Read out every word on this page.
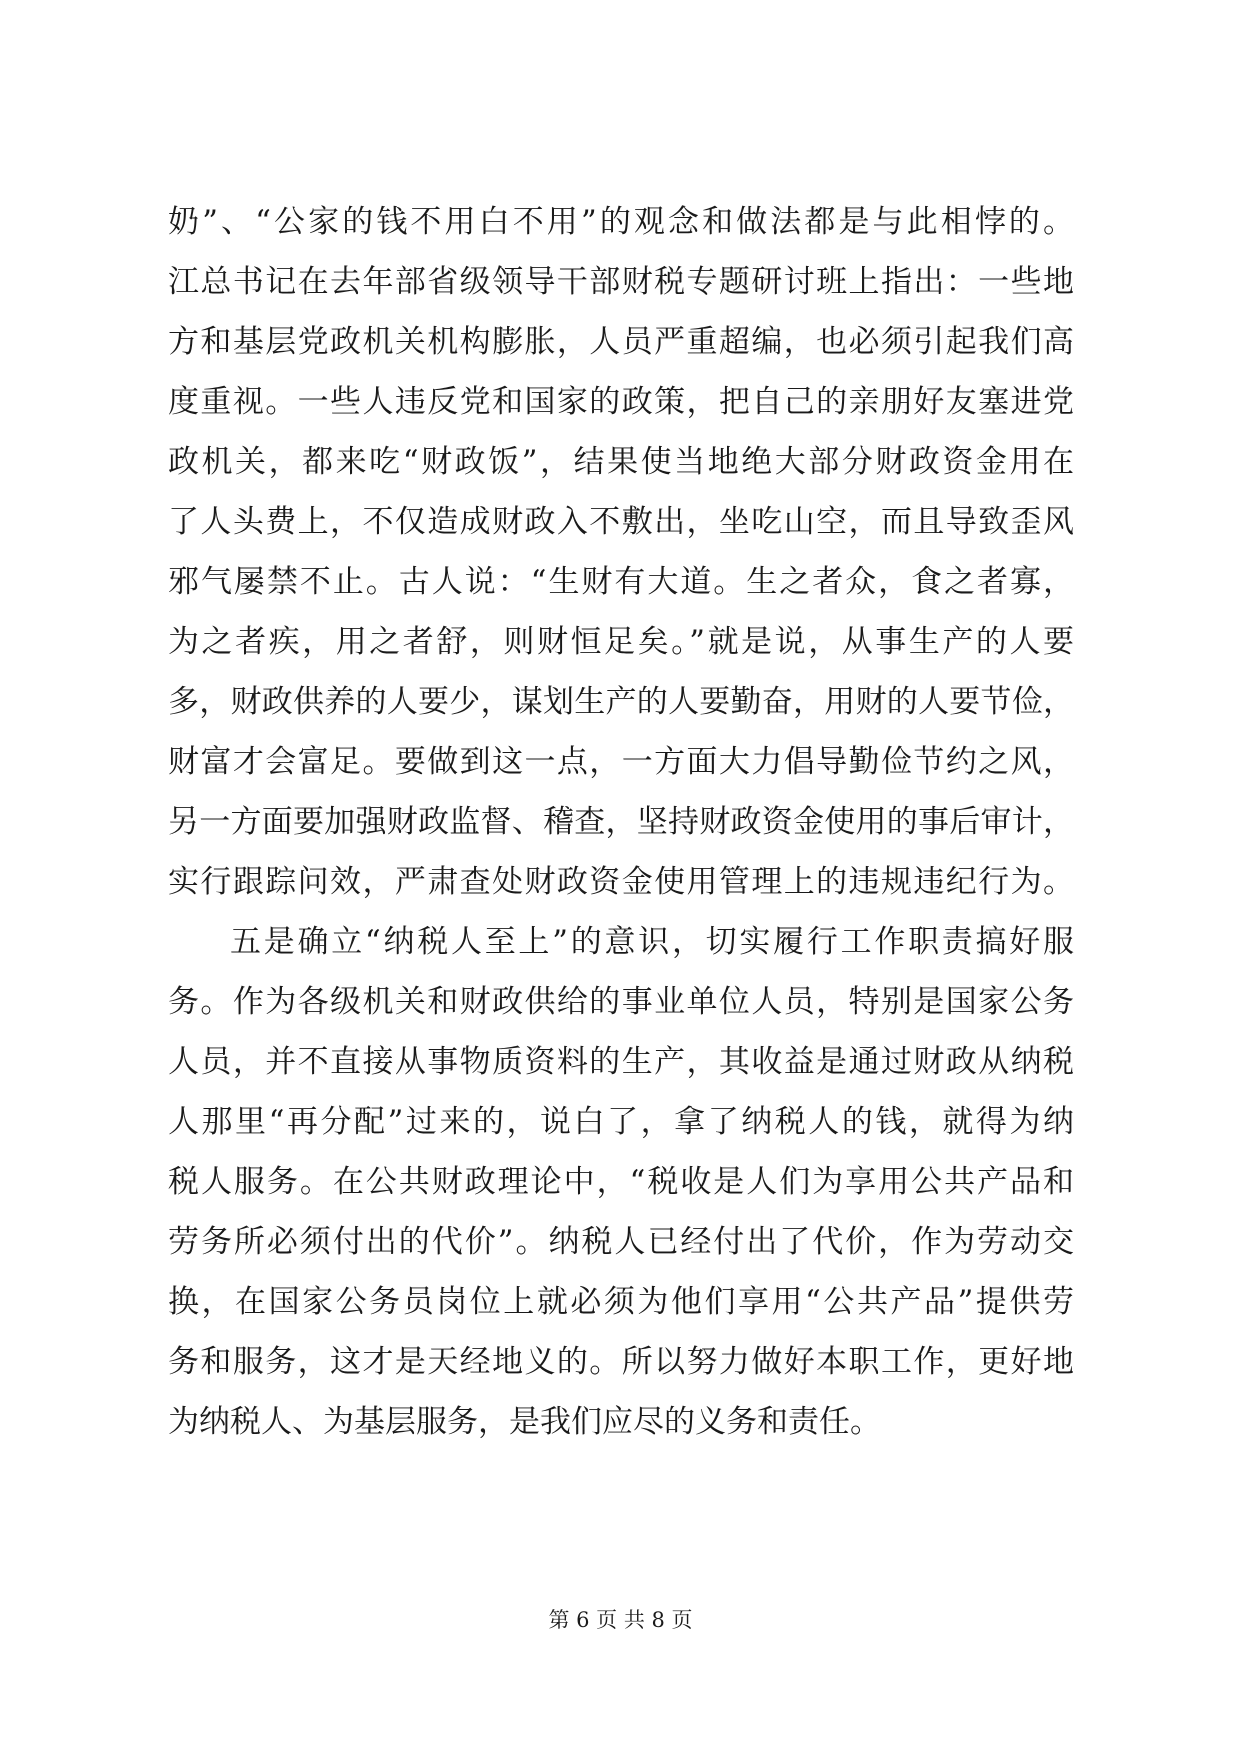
奶”、“公家的钱不用白不用”的观念和做法都是与此相悖的。
江总书记在去年部省级领导干部财税专题研讨班上指出：一些地
方和基层党政机关机构膨胀，人员严重超编，也必须引起我们高
度重视。一些人违反党和国家的政策，把自己的亲朋好友塞进党
政机关，都来吃“财政饭”，结果使当地绝大部分财政资金用在
了人头费上，不仅造成财政入不敷出，坐吃山空，而且导致歪风
邪气屡禁不止。古人说：“生财有大道。生之者众，食之者寡，
为之者疾，用之者舒，则财恒足矣。”就是说，从事生产的人要
多，财政供养的人要少，谋划生产的人要勤奋，用财的人要节俭，
财富才会富足。要做到这一点，一方面大力倡导勤俭节约之风，
另一方面要加强财政监督、稽查，坚持财政资金使用的事后审计，
实行跟踪问效，严肃查处财政资金使用管理上的违规违纪行为。
五是确立“纳税人至上”的意识，切实履行工作职责搞好服
务。作为各级机关和财政供给的事业单位人员，特别是国家公务
人员，并不直接从事物质资料的生产，其收益是通过财政从纳税
人那里“再分配”过来的，说白了，拿了纳税人的钱，就得为纳
税人服务。在公共财政理论中，“税收是人们为享用公共产品和
劳务所必须付出的代价”。纳税人已经付出了代价，作为劳动交
换，在国家公务员岗位上就必须为他们享用“公共产品”提供劳
务和服务，这才是天经地义的。所以努力做好本职工作，更好地
为纳税人、为基层服务，是我们应尽的义务和责任。
第 6 页 共 8 页
